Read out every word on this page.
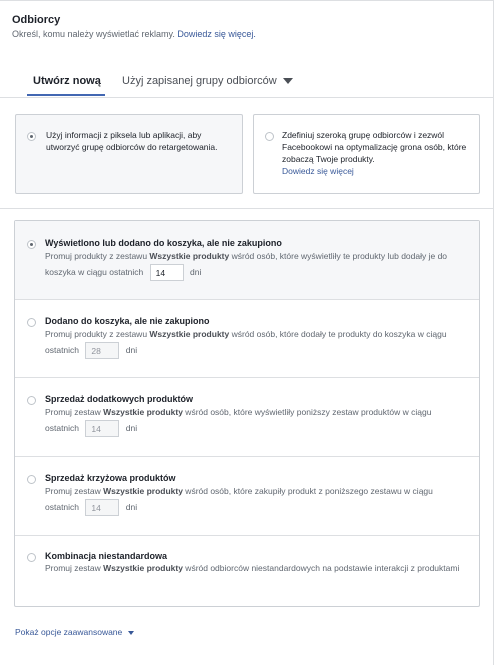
Odbiorcy
Określ, komu należy wyświetlać reklamy. Dowiedz się więcej.
Utwórz nową Użyj zapisanej grupy odbiorców
Użyj informacji z piksela lub aplikacji, aby utworzyć grupę odbiorców do retargetowania.
Zdefiniuj szeroką grupę odbiorców i zezwól Facebookowi na optymalizację grona osób, które zobaczą Twoje produkty.
Dowiedz się więcej
Wyświetlono lub dodano do koszyka, ale nie zakupiono
Promuj produkty z zestawu Wszystkie produkty wśród osób, które wyświetliły te produkty lub dodały je do koszyka w ciągu ostatnich 14	dni
Dodano do koszyka, ale nie zakupiono
Promuj produkty z zestawu Wszystkie produkty wśród osób, które dodały te produkty do koszyka w ciągu ostatnich 28	dni
Sprzedaż dodatkowych produktów
Promuj zestaw Wszystkie produkty wśród osób, które wyświetliły poniższy zestaw produktów w ciągu ostatnich 14	dni
Sprzedaż krzyżowa produktów
Promuj zestaw Wszystkie produkty wśród osób, które zakupiły produkt z poniższego zestawu w ciągu ostatnich 14	dni
Kombinacja niestandardowa
Promuj zestaw Wszystkie produkty wśród odbiorców niestandardowych na podstawie interakcji z produktami
Pokaż opcje zaawansowane
